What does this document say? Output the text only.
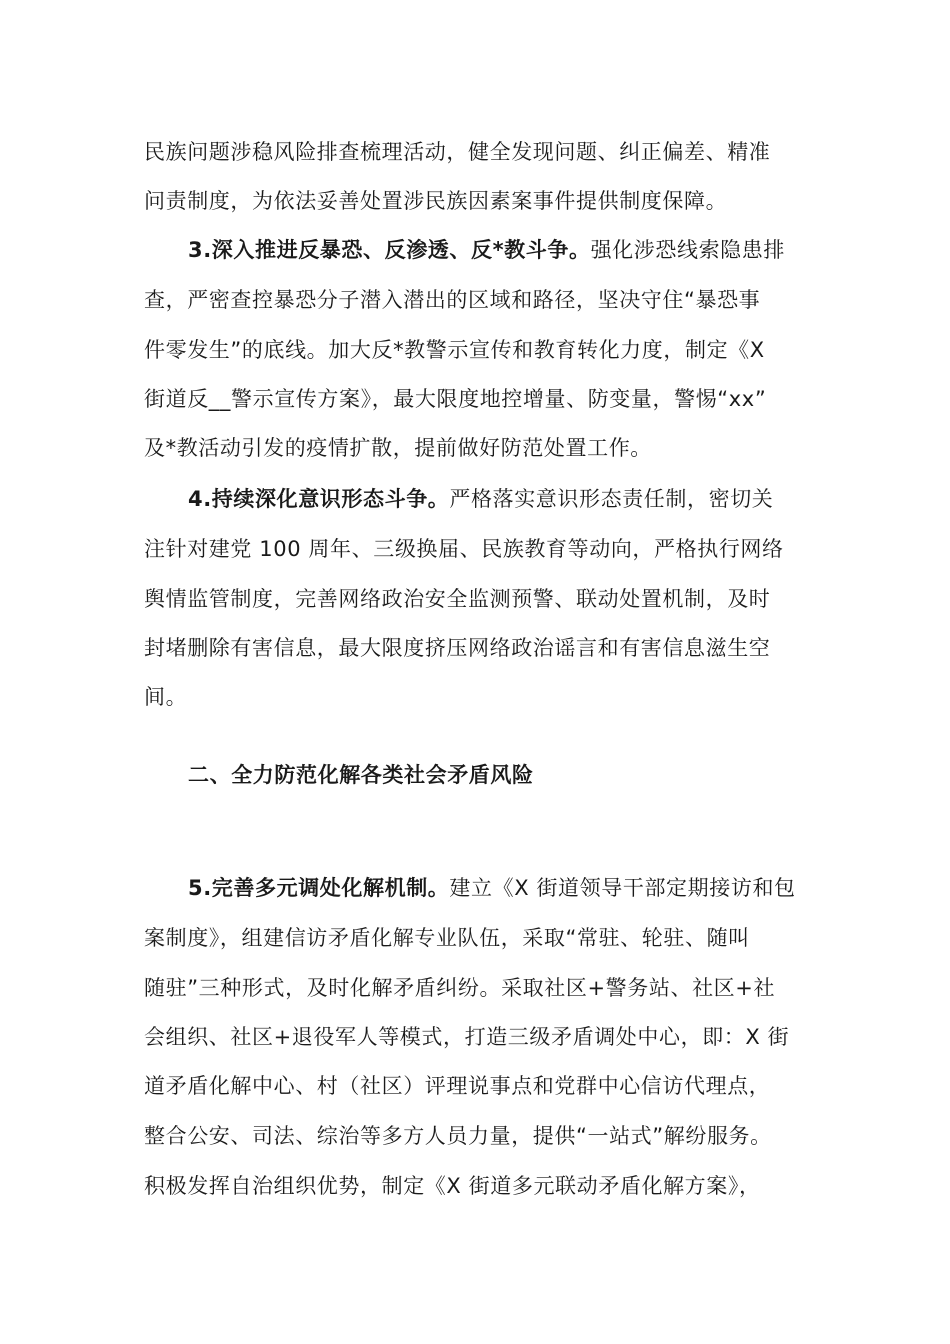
民族问题涉稳风险排查梳理活动，健全发现问题、纠正偏差、精准
问责制度，为依法妥善处置涉民族因素案事件提供制度保障。
3.深入推进反暴恐、反渗透、反*教斗争。强化涉恐线索隐患排
查，严密查控暴恐分子潜入潜出的区域和路径，坚决守住“暴恐事
件零发生”的底线。加大反*教警示宣传和教育转化力度，制定《X
街道反__警示宣传方案》，最大限度地控增量、防变量，警惕“xx”
及*教活动引发的疫情扩散，提前做好防范处置工作。
4.持续深化意识形态斗争。严格落实意识形态责任制，密切关
注针对建党 100 周年、三级换届、民族教育等动向，严格执行网络
舆情监管制度，完善网络政治安全监测预警、联动处置机制，及时
封堵删除有害信息，最大限度挤压网络政治谣言和有害信息滋生空
间。
二、全力防范化解各类社会矛盾风险
5.完善多元调处化解机制。建立《X 街道领导干部定期接访和包
案制度》，组建信访矛盾化解专业队伍，采取“常驻、轮驻、随叫
随驻”三种形式，及时化解矛盾纠纷。采取社区+警务站、社区+社
会组织、社区+退役军人等模式，打造三级矛盾调处中心，即：X 街
道矛盾化解中心、村（社区）评理说事点和党群中心信访代理点，
整合公安、司法、综治等多方人员力量，提供“一站式”解纷服务。
积极发挥自治组织优势，制定《X 街道多元联动矛盾化解方案》，
